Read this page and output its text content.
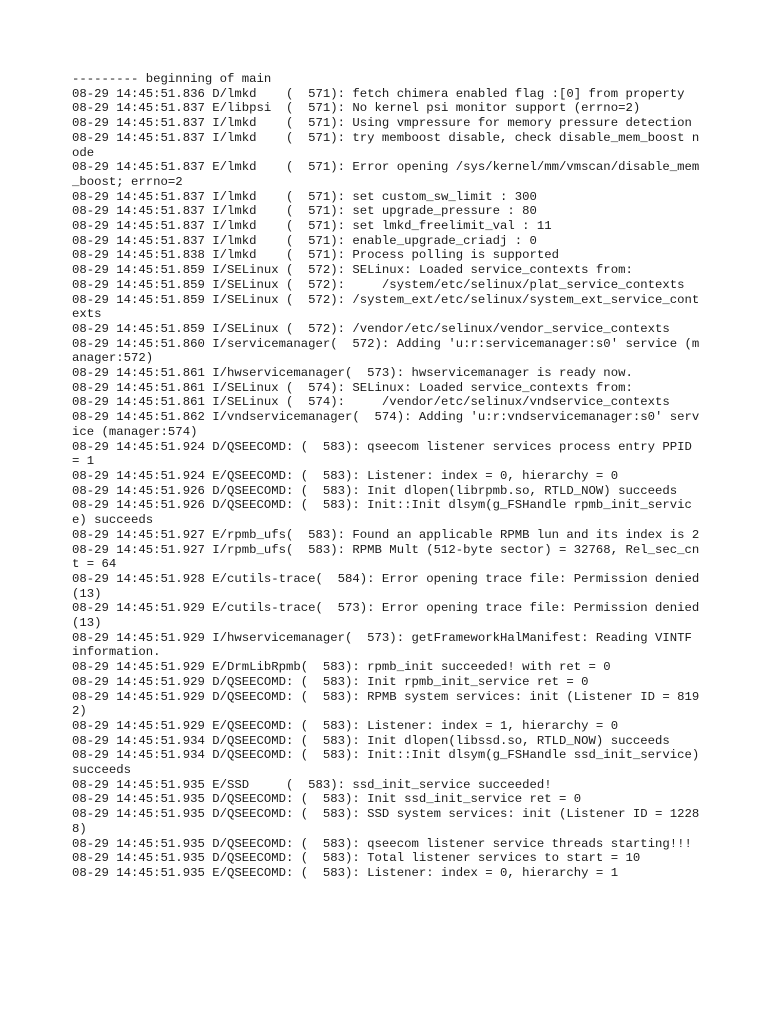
--------- beginning of main
08-29 14:45:51.836 D/lmkd    (  571): fetch chimera enabled flag :[0] from property
08-29 14:45:51.837 E/libpsi  (  571): No kernel psi monitor support (errno=2)
08-29 14:45:51.837 I/lmkd    (  571): Using vmpressure for memory pressure detection
08-29 14:45:51.837 I/lmkd    (  571): try memboost disable, check disable_mem_boost node
08-29 14:45:51.837 E/lmkd    (  571): Error opening /sys/kernel/mm/vmscan/disable_mem_boost; errno=2
08-29 14:45:51.837 I/lmkd    (  571): set custom_sw_limit : 300
08-29 14:45:51.837 I/lmkd    (  571): set upgrade_pressure : 80
08-29 14:45:51.837 I/lmkd    (  571): set lmkd_freelimit_val : 11
08-29 14:45:51.837 I/lmkd    (  571): enable_upgrade_criadj : 0
08-29 14:45:51.838 I/lmkd    (  571): Process polling is supported
08-29 14:45:51.859 I/SELinux (  572): SELinux: Loaded service_contexts from:
08-29 14:45:51.859 I/SELinux (  572):     /system/etc/selinux/plat_service_contexts
08-29 14:45:51.859 I/SELinux (  572): /system_ext/etc/selinux/system_ext_service_contexts
08-29 14:45:51.859 I/SELinux (  572): /vendor/etc/selinux/vendor_service_contexts
08-29 14:45:51.860 I/servicemanager(  572): Adding 'u:r:servicemanager:s0' service (manager:572)
08-29 14:45:51.861 I/hwservicemanager(  573): hwservicemanager is ready now.
08-29 14:45:51.861 I/SELinux (  574): SELinux: Loaded service_contexts from:
08-29 14:45:51.861 I/SELinux (  574):     /vendor/etc/selinux/vndservice_contexts
08-29 14:45:51.862 I/vndservicemanager(  574): Adding 'u:r:vndservicemanager:s0' service (manager:574)
08-29 14:45:51.924 D/QSEECOMD: (  583): qseecom listener services process entry PPID = 1
08-29 14:45:51.924 E/QSEECOMD: (  583): Listener: index = 0, hierarchy = 0
08-29 14:45:51.926 D/QSEECOMD: (  583): Init dlopen(librpmb.so, RTLD_NOW) succeeds
08-29 14:45:51.926 D/QSEECOMD: (  583): Init::Init dlsym(g_FSHandle rpmb_init_service) succeeds
08-29 14:45:51.927 E/rpmb_ufs(  583): Found an applicable RPMB lun and its index is 2
08-29 14:45:51.927 I/rpmb_ufs(  583): RPMB Mult (512-byte sector) = 32768, Rel_sec_cnt = 64
08-29 14:45:51.928 E/cutils-trace(  584): Error opening trace file: Permission denied (13)
08-29 14:45:51.929 E/cutils-trace(  573): Error opening trace file: Permission denied (13)
08-29 14:45:51.929 I/hwservicemanager(  573): getFrameworkHalManifest: Reading VINTF information.
08-29 14:45:51.929 E/DrmLibRpmb(  583): rpmb_init succeeded! with ret = 0
08-29 14:45:51.929 D/QSEECOMD: (  583): Init rpmb_init_service ret = 0
08-29 14:45:51.929 D/QSEECOMD: (  583): RPMB system services: init (Listener ID = 8192)
08-29 14:45:51.929 E/QSEECOMD: (  583): Listener: index = 1, hierarchy = 0
08-29 14:45:51.934 D/QSEECOMD: (  583): Init dlopen(libssd.so, RTLD_NOW) succeeds
08-29 14:45:51.934 D/QSEECOMD: (  583): Init::Init dlsym(g_FSHandle ssd_init_service) succeeds
08-29 14:45:51.935 E/SSD     (  583): ssd_init_service succeeded!
08-29 14:45:51.935 D/QSEECOMD: (  583): Init ssd_init_service ret = 0
08-29 14:45:51.935 D/QSEECOMD: (  583): SSD system services: init (Listener ID = 12288)
08-29 14:45:51.935 D/QSEECOMD: (  583): qseecom listener service threads starting!!!
08-29 14:45:51.935 D/QSEECOMD: (  583): Total listener services to start = 10
08-29 14:45:51.935 E/QSEECOMD: (  583): Listener: index = 0, hierarchy = 1
